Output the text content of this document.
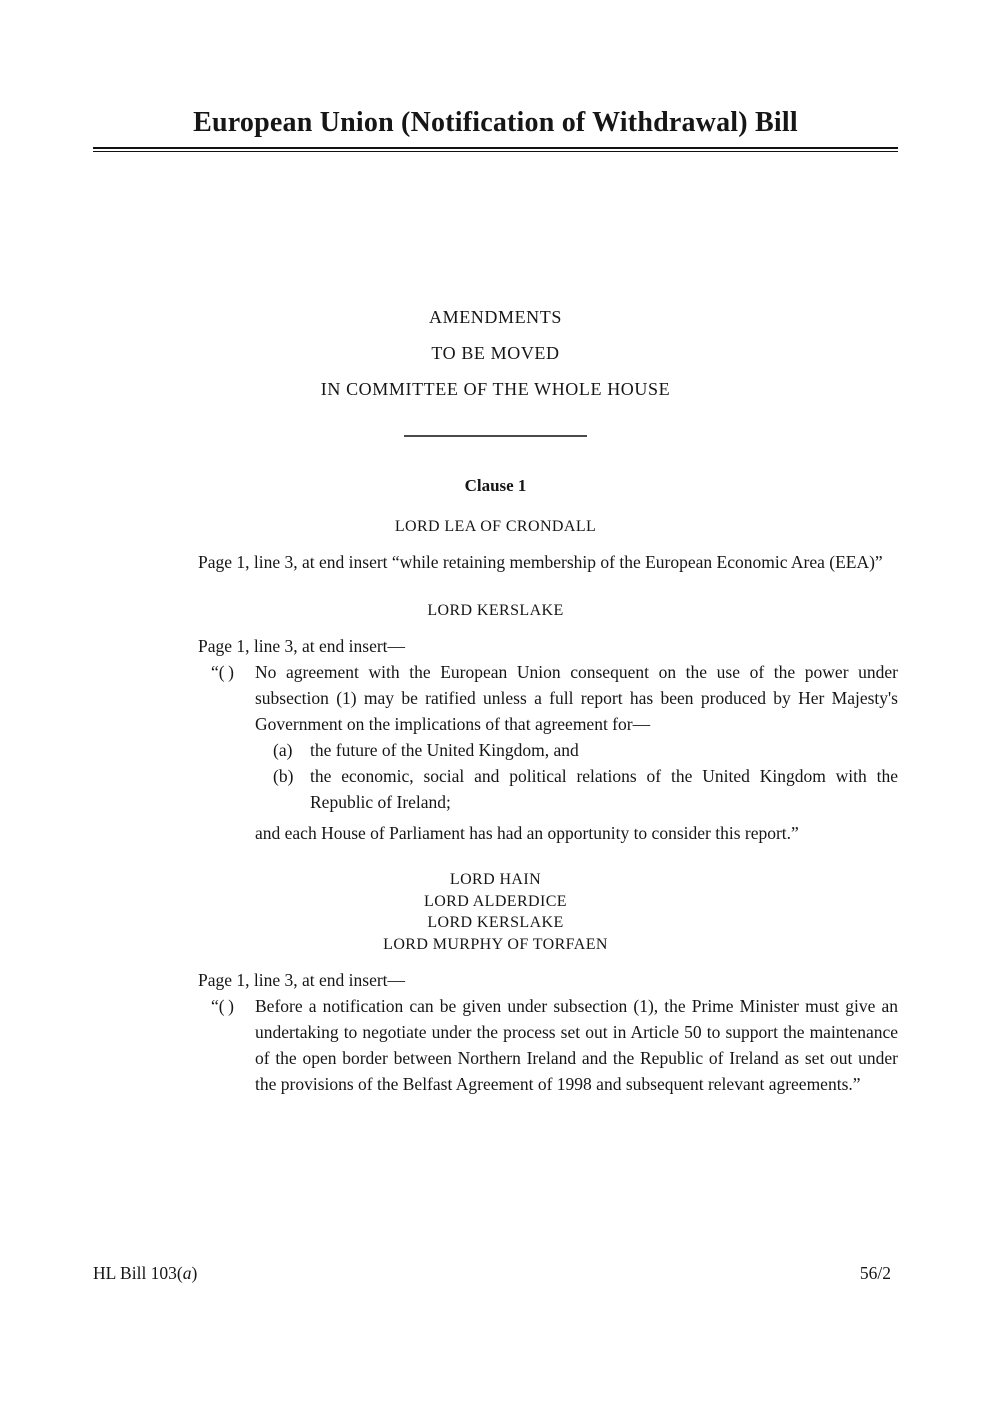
European Union (Notification of Withdrawal) Bill
AMENDMENTS
TO BE MOVED
IN COMMITTEE OF THE WHOLE HOUSE
Clause 1
LORD LEA OF CRONDALL

Page 1, line 3, at end insert “while retaining membership of the European Economic Area (EEA)”

LORD KERSLAKE

Page 1, line 3, at end insert—

“( )	No agreement with the European Union consequent on the use of the power under subsection (1) may be ratified unless a full report has been produced by Her Majesty's Government on the implications of that agreement for—
(a)	the future of the United Kingdom, and
(b) the economic, social and political relations of the United Kingdom with the Republic of Ireland;

and each House of Parliament has had an opportunity to consider this report.”

LORD HAIN
LORD ALDERDICE
LORD KERSLAKE
LORD MURPHY OF TORFAEN

Page 1, line 3, at end insert—

“( )	Before a notification can be given under subsection (1), the Prime Minister must give an undertaking to negotiate under the process set out in Article 50 to support the maintenance of the open border between Northern Ireland and the Republic of Ireland as set out under the provisions of the Belfast Agreement of 1998 and subsequent relevant agreements.”
HL Bill 103(a)	56/2
